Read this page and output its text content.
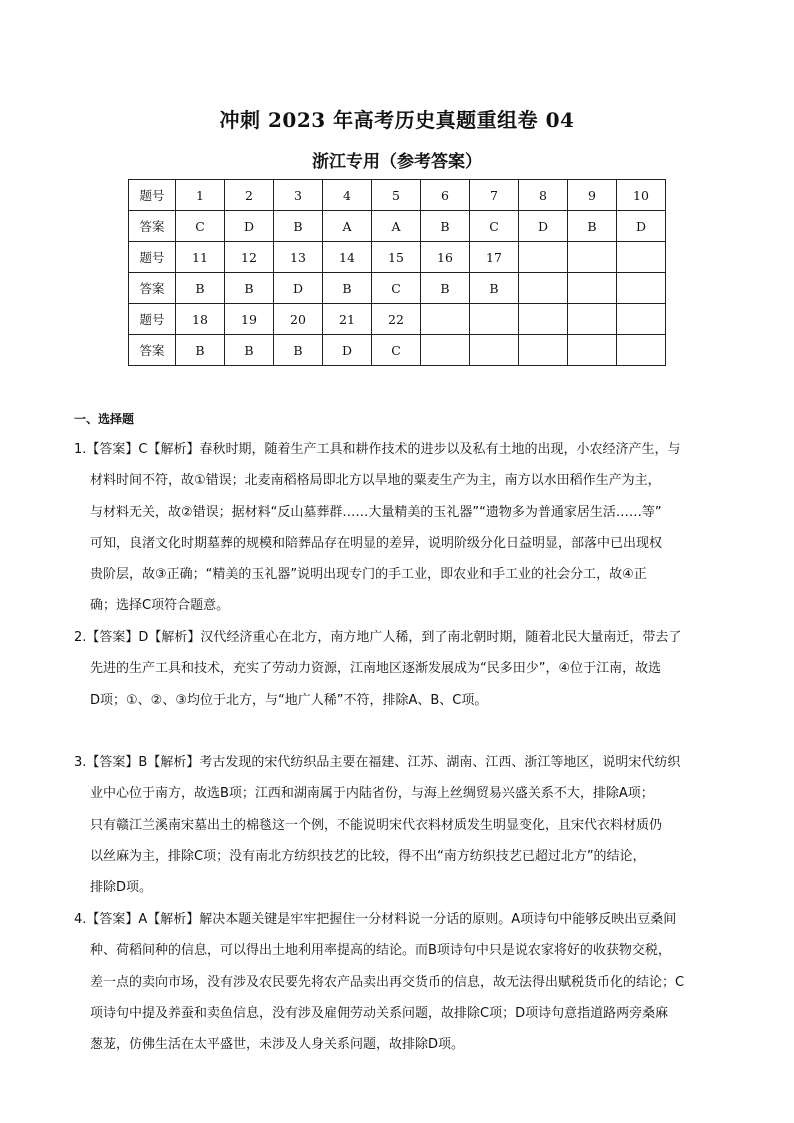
冲刺 2023 年高考历史真题重组卷 04
浙江专用（参考答案）
题号	1	2	3	4	5	6	7	8	9	10
答案	C	D	B	A	A	B	C	D	B	D
题号	11	12	13	14	15	16	17			
答案	B	B	D	B	C	B	B			
题号	18	19	20	21	22					
答案	B	B	B	D	C					
一、选择题
1.【答案】C【解析】春秋时期，随着生产工具和耕作技术的进步以及私有土地的出现，小农经济产生，与
材料时间不符，故①错误；北麦南稻格局即北方以旱地的粟麦生产为主，南方以水田稻作生产为主，
与材料无关，故②错误；据材料“反山墓葬群……大量精美的玉礼器”“遗物多为普通家居生活……等”
可知，良渚文化时期墓葬的规模和陪葬品存在明显的差异，说明阶级分化日益明显，部落中已出现权
贵阶层，故③正确；“精美的玉礼器”说明出现专门的手工业，即农业和手工业的社会分工，故④正
确；选择C项符合题意。
2.【答案】D【解析】汉代经济重心在北方，南方地广人稀，到了南北朝时期，随着北民大量南迁，带去了
先进的生产工具和技术，充实了劳动力资源，江南地区逐渐发展成为“民多田少”，④位于江南，故选
D项；①、②、③均位于北方，与“地广人稀”不符，排除A、B、C项。
3.【答案】B【解析】考古发现的宋代纺织品主要在福建、江苏、湖南、江西、浙江等地区，说明宋代纺织
业中心位于南方，故选B项；江西和湖南属于内陆省份，与海上丝绸贸易兴盛关系不大，排除A项；
只有赣江兰溪南宋墓出土的棉毯这一个例，不能说明宋代衣料材质发生明显变化，且宋代衣料材质仍
以丝麻为主，排除C项；没有南北方纺织技艺的比较，得不出“南方纺织技艺已超过北方”的结论，
排除D项。
4.【答案】A【解析】解决本题关键是牢牢把握住一分材料说一分话的原则。A项诗句中能够反映出豆桑间
种、荷稻间种的信息，可以得出土地利用率提高的结论。而B项诗句中只是说农家将好的收获物交税，
差一点的卖向市场，没有涉及农民要先将农产品卖出再交货币的信息，故无法得出赋税货币化的结论；C
项诗句中提及养蚕和卖鱼信息，没有涉及雇佣劳动关系问题，故排除C项；D项诗句意指道路两旁桑麻
葱茏，仿佛生活在太平盛世，未涉及人身关系问题，故排除D项。
